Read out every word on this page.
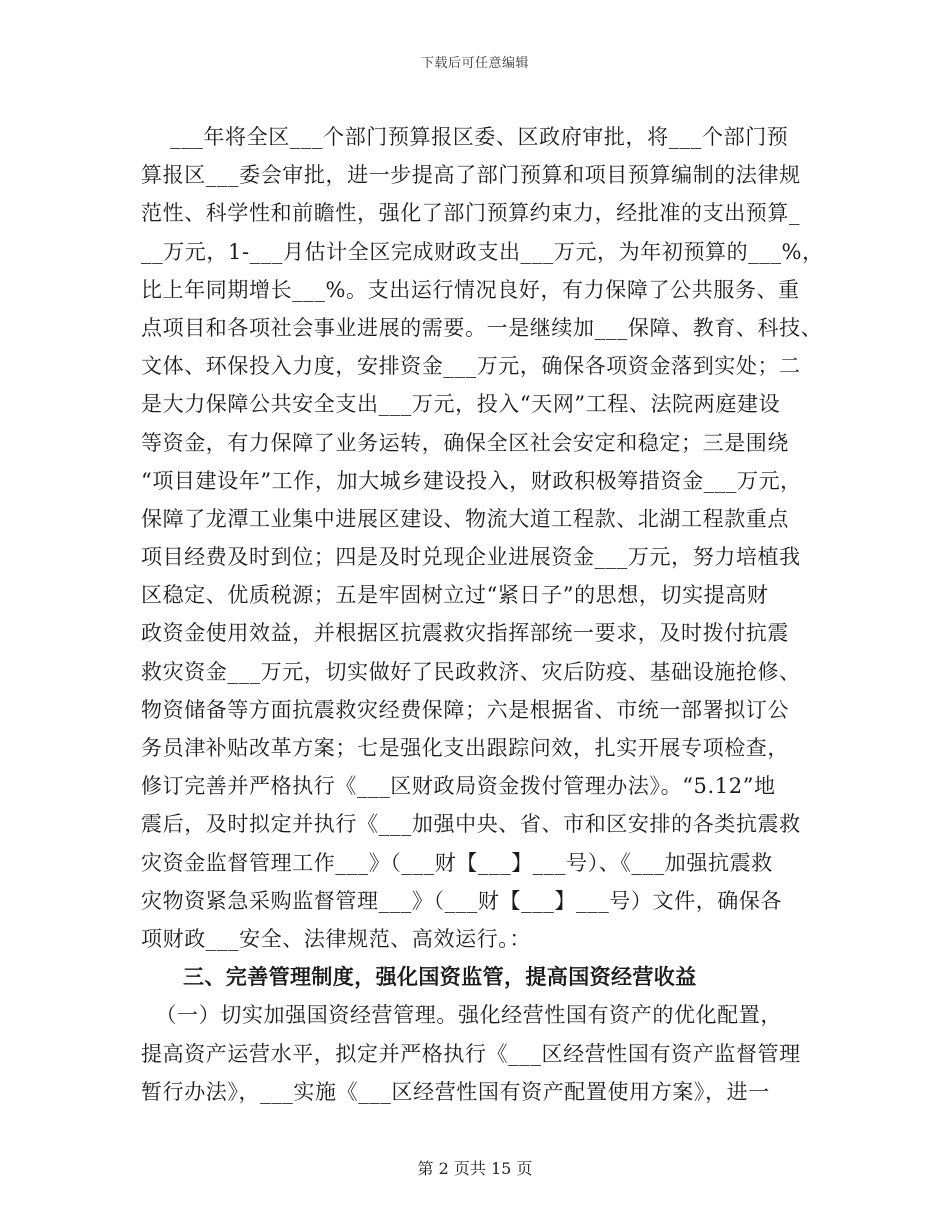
下载后可任意编辑
___年将全区___个部门预算报区委、区政府审批，将___个部门预
算报区___委会审批，进一步提高了部门预算和项目预算编制的法律规
范性、科学性和前瞻性，强化了部门预算约束力，经批准的支出预算_
__万元，1-___月估计全区完成财政支出___万元，为年初预算的___%，
比上年同期增长___%。支出运行情况良好，有力保障了公共服务、重
点项目和各项社会事业进展的需要。一是继续加___保障、教育、科技、
文体、环保投入力度，安排资金___万元，确保各项资金落到实处；二
是大力保障公共安全支出___万元，投入“天网”工程、法院两庭建设
等资金，有力保障了业务运转，确保全区社会安定和稳定；三是围绕
“项目建设年”工作，加大城乡建设投入，财政积极筹措资金___万元，
保障了龙潭工业集中进展区建设、物流大道工程款、北湖工程款重点
项目经费及时到位；四是及时兑现企业进展资金___万元，努力培植我
区稳定、优质税源；五是牢固树立过“紧日子”的思想，切实提高财
政资金使用效益，并根据区抗震救灾指挥部统一要求，及时拨付抗震
救灾资金___万元，切实做好了民政救济、灾后防疫、基础设施抢修、
物资储备等方面抗震救灾经费保障；六是根据省、市统一部署拟订公
务员津补贴改革方案；七是强化支出跟踪问效，扎实开展专项检查，
修订完善并严格执行《___区财政局资金拨付管理办法》。“5.12”地
震后，及时拟定并执行《___加强中央、省、市和区安排的各类抗震救
灾资金监督管理工作___》（___财【___】___号）、《___加强抗震救
灾物资紧急采购监督管理___》（___财【___】___号）文件，确保各
项财政___安全、法律规范、高效运行。：
三、完善管理制度，强化国资监管，提高国资经营收益
（一）切实加强国资经营管理。强化经营性国有资产的优化配置，
提高资产运营水平，拟定并严格执行《___区经营性国有资产监督管理
暂行办法》，___实施《___区经营性国有资产配置使用方案》，进一
第 2 页共 15 页
